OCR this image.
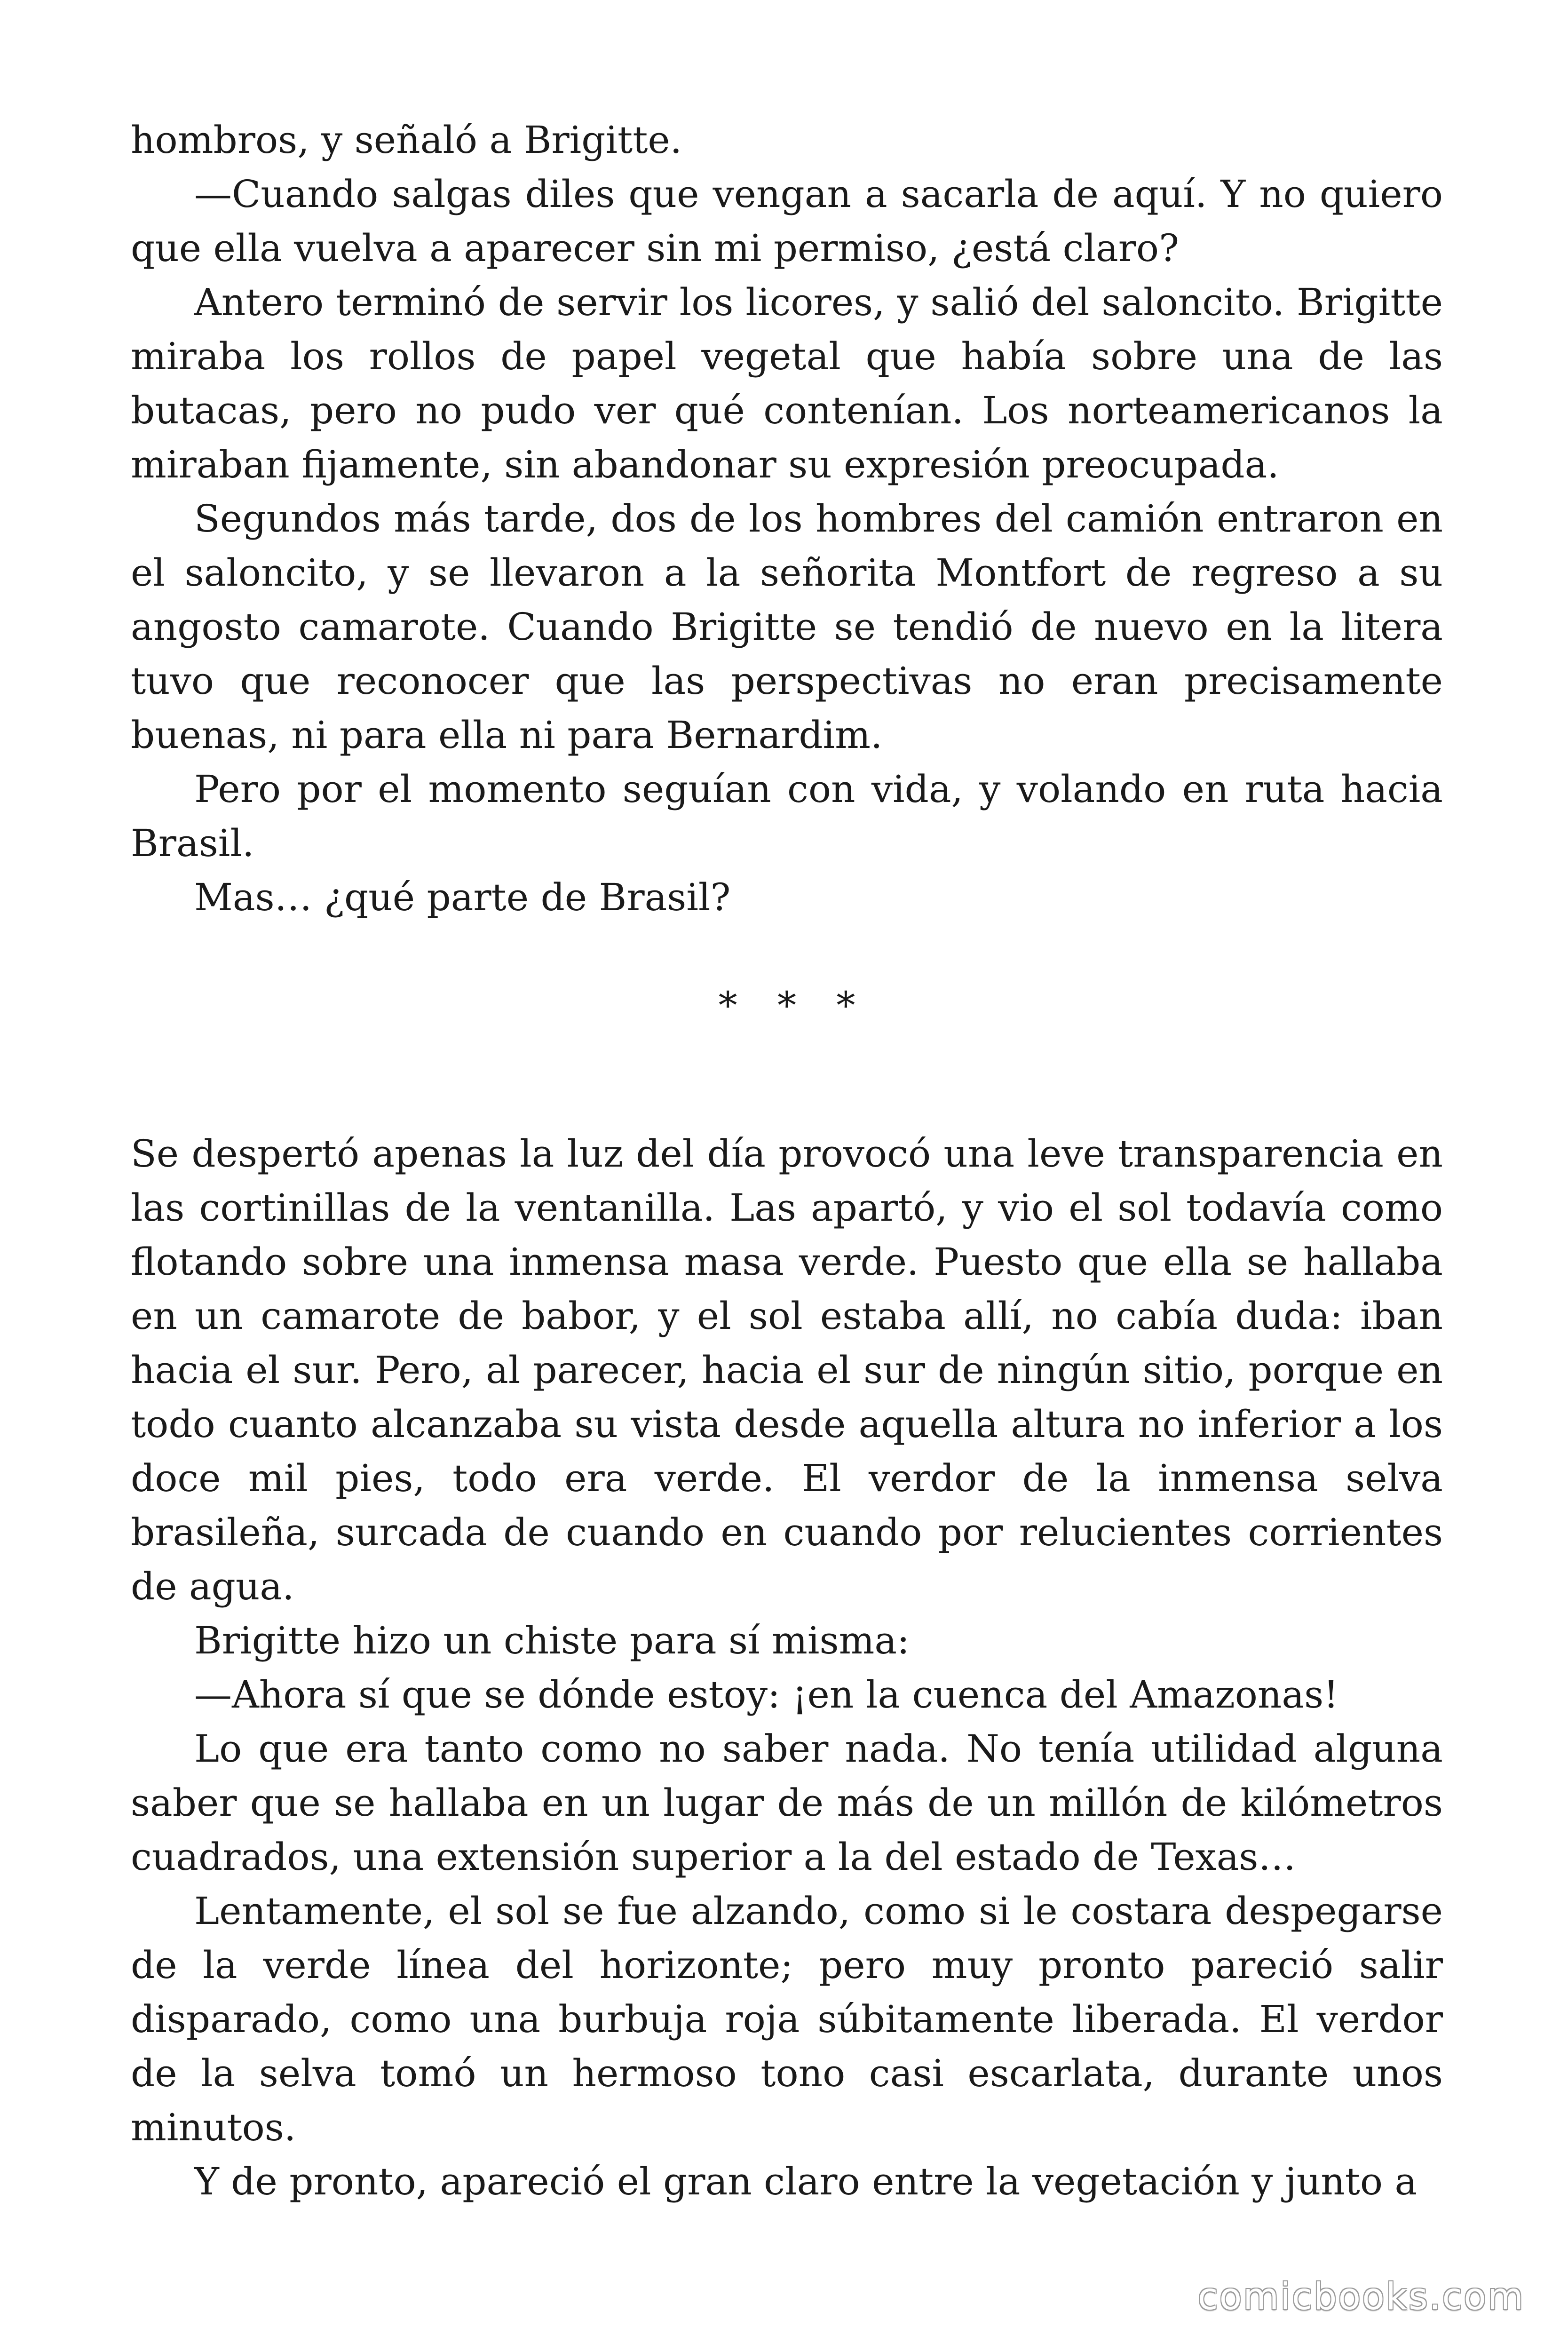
hombros, y señaló a Brigitte.

—Cuando salgas diles que vengan a sacarla de aquí. Y no quiero que ella vuelva a aparecer sin mi permiso, ¿está claro?

Antero terminó de servir los licores, y salió del saloncito. Brigitte miraba los rollos de papel vegetal que había sobre una de las butacas, pero no pudo ver qué contenían. Los norteamericanos la miraban fijamente, sin abandonar su expresión preocupada.

Segundos más tarde, dos de los hombres del camión entraron en el saloncito, y se llevaron a la señorita Montfort de regreso a su angosto camarote. Cuando Brigitte se tendió de nuevo en la litera tuvo que reconocer que las perspectivas no eran precisamente buenas, ni para ella ni para Bernardim.

Pero por el momento seguían con vida, y volando en ruta hacia Brasil.

Mas… ¿qué parte de Brasil?

* * *

Se despertó apenas la luz del día provocó una leve transparencia en las cortinillas de la ventanilla. Las apartó, y vio el sol todavía como flotando sobre una inmensa masa verde. Puesto que ella se hallaba en un camarote de babor, y el sol estaba allí, no cabía duda: iban hacia el sur. Pero, al parecer, hacia el sur de ningún sitio, porque en todo cuanto alcanzaba su vista desde aquella altura no inferior a los doce mil pies, todo era verde. El verdor de la inmensa selva brasileña, surcada de cuando en cuando por relucientes corrientes de agua.

Brigitte hizo un chiste para sí misma:

—Ahora sí que se dónde estoy: ¡en la cuenca del Amazonas!

Lo que era tanto como no saber nada. No tenía utilidad alguna saber que se hallaba en un lugar de más de un millón de kilómetros cuadrados, una extensión superior a la del estado de Texas…

Lentamente, el sol se fue alzando, como si le costara despegarse de la verde línea del horizonte; pero muy pronto pareció salir disparado, como una burbuja roja súbitamente liberada. El verdor de la selva tomó un hermoso tono casi escarlata, durante unos minutos.

Y de pronto, apareció el gran claro entre la vegetación y junto a

comicbooks.com
